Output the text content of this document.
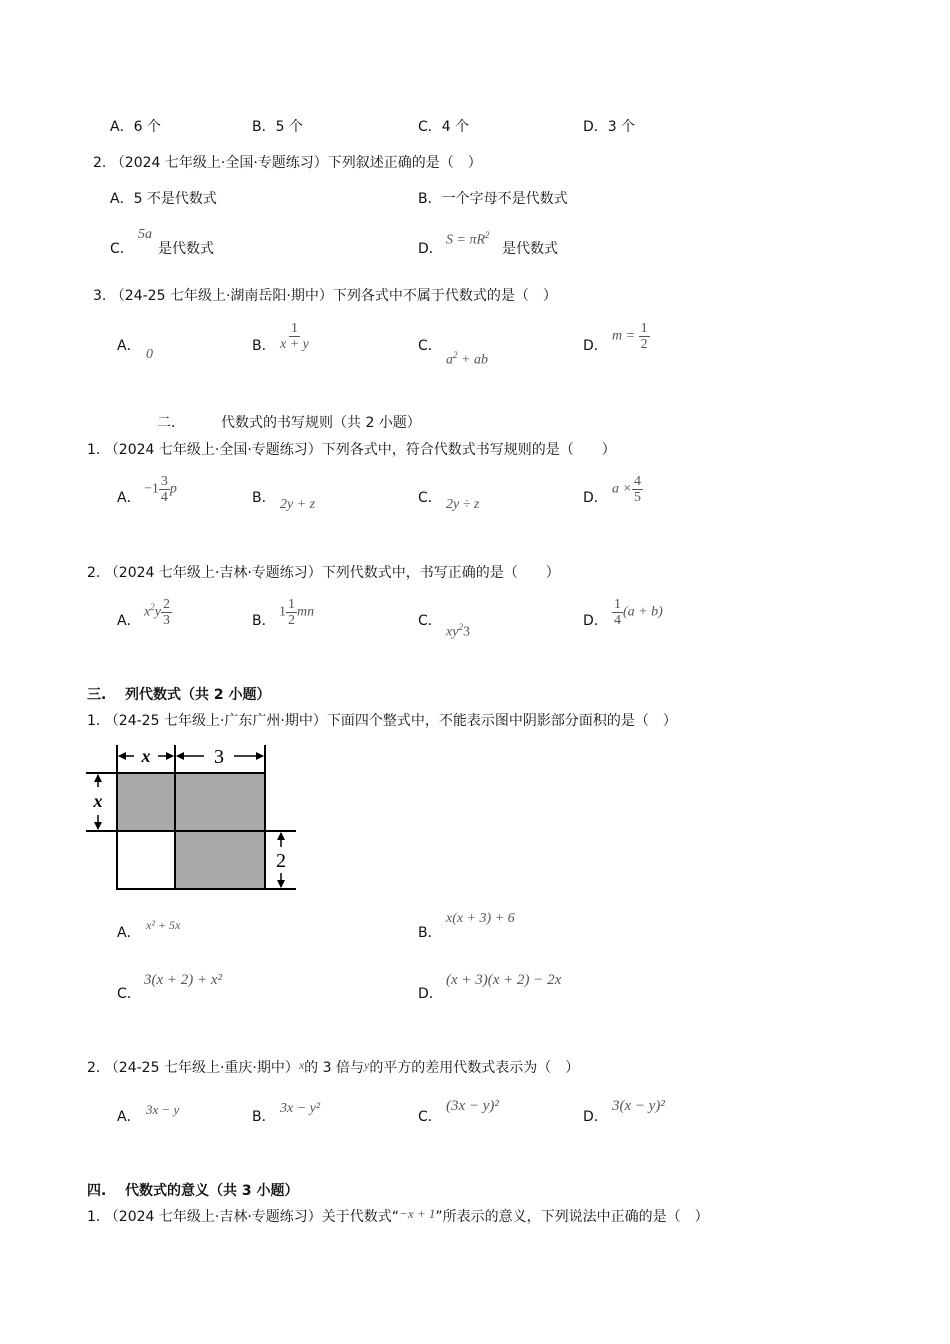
A．6 个	B．5 个	C．4 个	D．3 个
2. （2024 七年级上·全国·专题练习）下列叙述正确的是（　）
A．5 不是代数式	B．一个字母不是代数式
C．
5a
是代数式	D．
$S = \pi R^2$
是代数式
3. （24-25 七年级上·湖南岳阳·期中）下列各式中不属于代数式的是（　）
A．
0
B． $\frac{1}{x + y}$	C．
$a^2$ + ab
D．
$m = \frac{1}{2}$
二．	代数式的书写规则（共 2 小题）
1. （2024 七年级上·全国·专题练习）下列各式中，符合代数式书写规则的是（　　）
A．
$-1 \frac{3}{4}$ p
B． 2y + z	C． 2y ÷ z	D．
$a \times \frac{4}{5}$
2. （2024 七年级上·吉林·专题练习）下列代数式中，书写正确的是（　　）
A．
$x^2y \frac{2}{3}$	B．
$1 \frac{1}{2}$ mn
C．
$xy^23$
D． $\frac{1}{4} (a + b)$
三. 列代数式（共 2 小题）
1. （24-25 七年级上·广东广州·期中）下面四个整式中，不能表示图中阴影部分面积的是（　）
x	3
x
2
A． x² + 5x	B．
x(x + 3) + 6
C．
3(x + 2) + x²
D．
(x + 3)(x + 2) − 2x
2. （24-25 七年级上·重庆·期中）x的 3 倍与y的平方的差用代数式表示为（　）
A． 3x − y	B．
3x − y²
C．
(3x − y)²
D．
3(x − y)²
四. 代数式的意义（共 3 小题）
1. （2024 七年级上·吉林·专题练习）关于代数式“−x + 1”所表示的意义，下列说法中正确的是（　）
